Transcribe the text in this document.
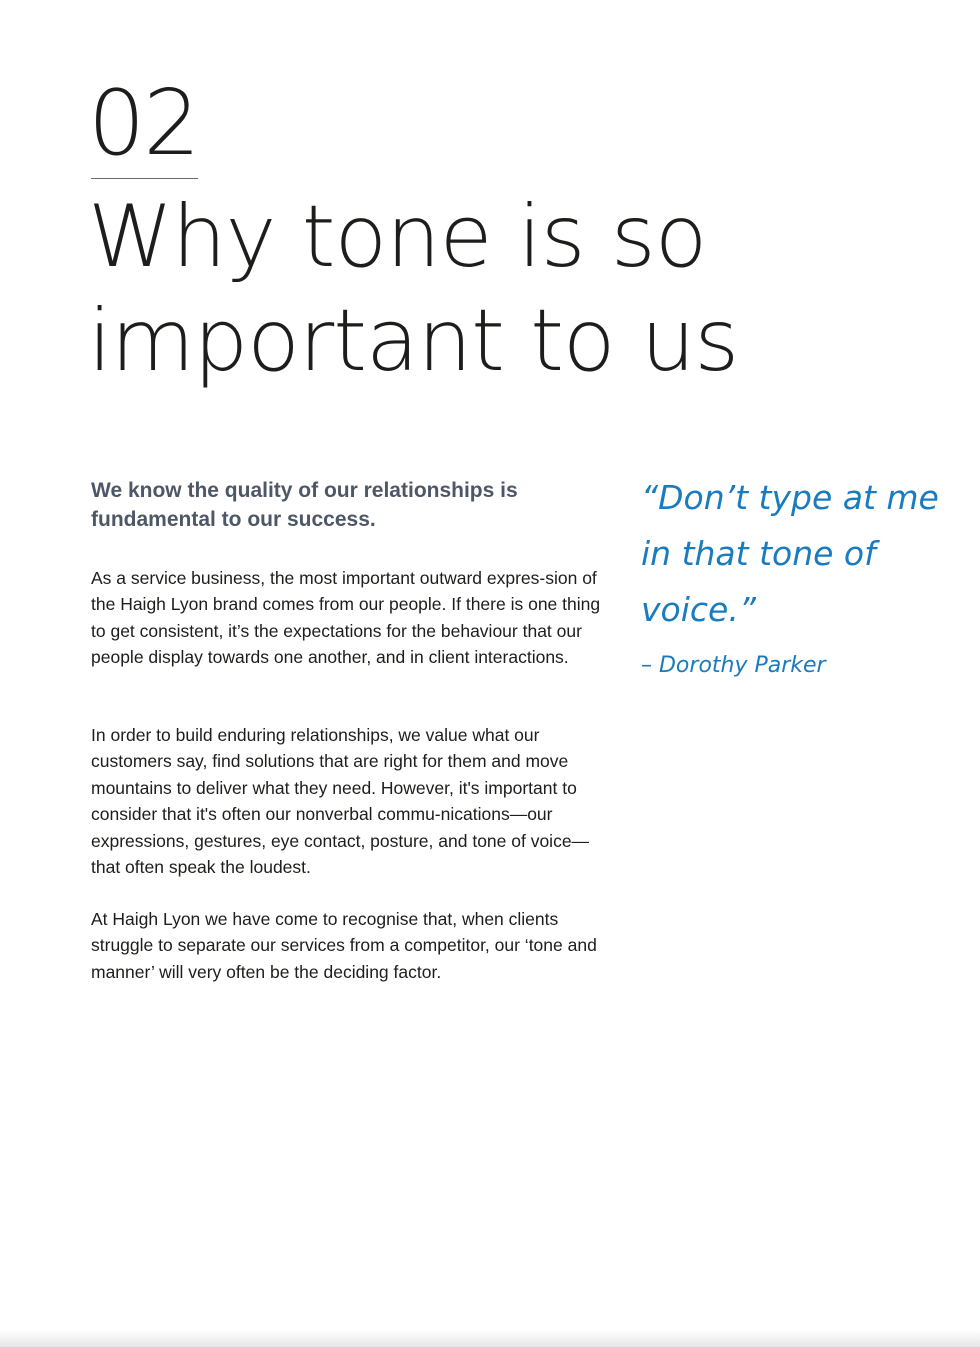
02
Why tone is so important to us

We know the quality of our relationships is fundamental to our success.

As a service business, the most important outward expres-sion of the Haigh Lyon brand comes from our people. If there is one thing to get consistent, it’s the expectations for the behaviour that our people display towards one another, and in client interactions.

In order to build enduring relationships, we value what our customers say, find solutions that are right for them and move mountains to deliver what they need. However, it's important to consider that it's often our nonverbal commu-nications—our expressions, gestures, eye contact, posture, and tone of voice—that often speak the loudest.

At Haigh Lyon we have come to recognise that, when clients struggle to separate our services from a competitor, our ‘tone and manner’ will very often be the deciding factor.

“Don’t type at me in that tone of voice.”
– Dorothy Parker
